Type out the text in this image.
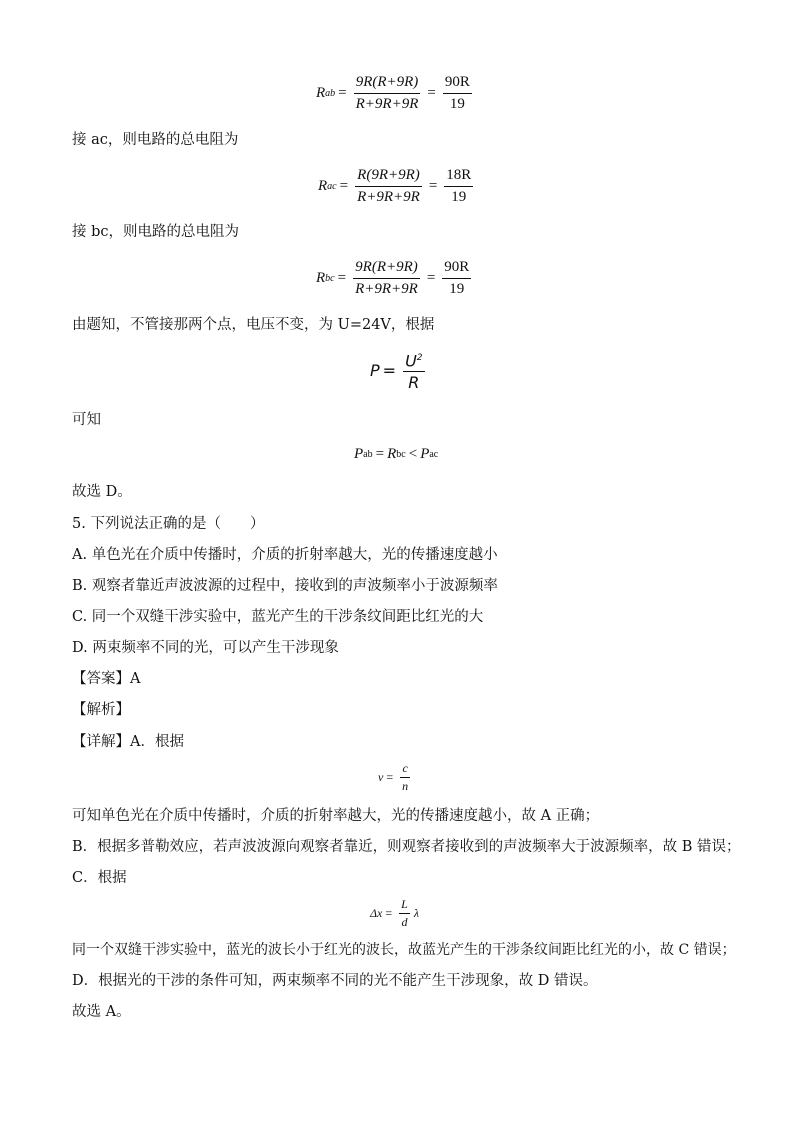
R ab = $\frac{9R(R+9R)}{R+9R+9R} = \frac{90R}{19}$
接 ac，则电路的总电阻为
R ac = $\frac{R(9R+9R)}{R+9R+9R} = \frac{18R}{19}$
接 bc，则电路的总电阻为
R bc = $\frac{9R(R+9R)}{R+9R+9R} = \frac{90R}{19}$
由题知，不管接那两个点，电压不变，为 U=24V，根据
$P = \frac{U^2}{R}$
可知
P ab = R bc < P ac
故选 D。
5. 下列说法正确的是（　　）
A. 单色光在介质中传播时，介质的折射率越大，光的传播速度越小
B. 观察者靠近声波波源的过程中，接收到的声波频率小于波源频率
C. 同一个双缝干涉实验中，蓝光产生的干涉条纹间距比红光的大
D. 两束频率不同的光，可以产生干涉现象
【答案】A
【解析】
【详解】A．根据
$v = \frac{c}{n}$
可知单色光在介质中传播时，介质的折射率越大，光的传播速度越小，故 A 正确；
B．根据多普勒效应，若声波波源向观察者靠近，则观察者接收到的声波频率大于波源频率，故 B 错误；
C．根据
$\Delta x = \frac{L}{d}$ λ
同一个双缝干涉实验中，蓝光的波长小于红光的波长，故蓝光产生的干涉条纹间距比红光的小，故 C 错误；
D．根据光的干涉的条件可知，两束频率不同的光不能产生干涉现象，故 D 错误。
故选 A。
